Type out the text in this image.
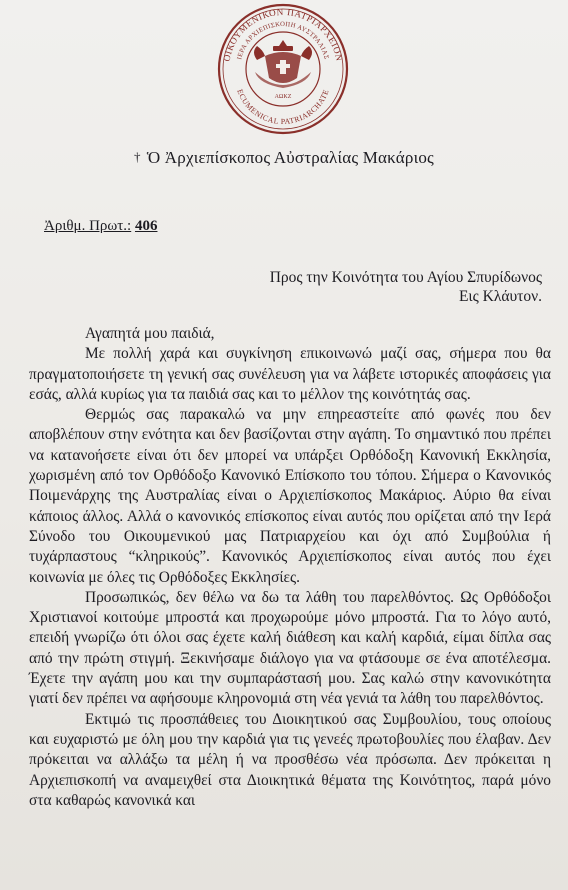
ΟΙΚΟΥΜΕΝΙΚΟΝ ΠΑΤΡΙΑΡΧΕΙΟΝ
ΙΕΡΑ ΑΡΧΙΕΠΙΣΚΟΠΗ ΑΥΣΤΡΑΛΙΑΣ
ECUMENICAL PATRIARCHATE
ΑΩΚΖ
† Ὁ Ἀρχιεπίσκοπος Αὐστραλίας Μακάριος
Ἀριθμ. Πρωτ.: 406
Προς την Κοινότητα του Αγίου Σπυρίδωνος
Εις Κλάυτον.

Αγαπητά μου παιδιά,

Με πολλή χαρά και συγκίνηση επικοινωνώ μαζί σας, σήμερα που θα πραγματοποιήσετε τη γενική σας συνέλευση για να λάβετε ιστορικές αποφάσεις για εσάς, αλλά κυρίως για τα παιδιά σας και το μέλλον της κοινότητάς σας.

Θερμώς σας παρακαλώ να μην επηρεαστείτε από φωνές που δεν αποβλέπουν στην ενότητα και δεν βασίζονται στην αγάπη. Το σημαντικό που πρέπει να κατανοήσετε είναι ότι δεν μπορεί να υπάρξει Ορθόδοξη Κανονική Εκκλησία, χωρισμένη από τον Ορθόδοξο Κανονικό Επίσκοπο του τόπου. Σήμερα ο Κανονικός Ποιμενάρχης της Αυστραλίας είναι ο Αρχιεπίσκοπος Μακάριος. Αύριο θα είναι κάποιος άλλος. Αλλά ο κανονικός επίσκοπος είναι αυτός που ορίζεται από την Ιερά Σύνοδο του Οικουμενικού μας Πατριαρχείου και όχι από Συμβούλια ή τυχάρπαστους “κληρικούς”. Κανονικός Αρχιεπίσκοπος είναι αυτός που έχει κοινωνία με όλες τις Ορθόδοξες Εκκλησίες.

Προσωπικώς, δεν θέλω να δω τα λάθη του παρελθόντος. Ως Ορθόδοξοι Χριστιανοί κοιτούμε μπροστά και προχωρούμε μόνο μπροστά. Για το λόγο αυτό, επειδή γνωρίζω ότι όλοι σας έχετε καλή διάθεση και καλή καρδιά, είμαι δίπλα σας από την πρώτη στιγμή. Ξεκινήσαμε διάλογο για να φτάσουμε σε ένα αποτέλεσμα. Έχετε την αγάπη μου και την συμπαράστασή μου. Σας καλώ στην κανονικότητα γιατί δεν πρέπει να αφήσουμε κληρονομιά στη νέα γενιά τα λάθη του παρελθόντος.

Εκτιμώ τις προσπάθειες του Διοικητικού σας Συμβουλίου, τους οποίους και ευχαριστώ με όλη μου την καρδιά για τις γενεές πρωτοβουλίες που έλαβαν. Δεν πρόκειται να αλλάξω τα μέλη ή να προσθέσω νέα πρόσωπα. Δεν πρόκειται η Αρχιεπισκοπή να αναμειχθεί στα Διοικητικά θέματα της Κοινότητος, παρά μόνο στα καθαρώς κανονικά και
